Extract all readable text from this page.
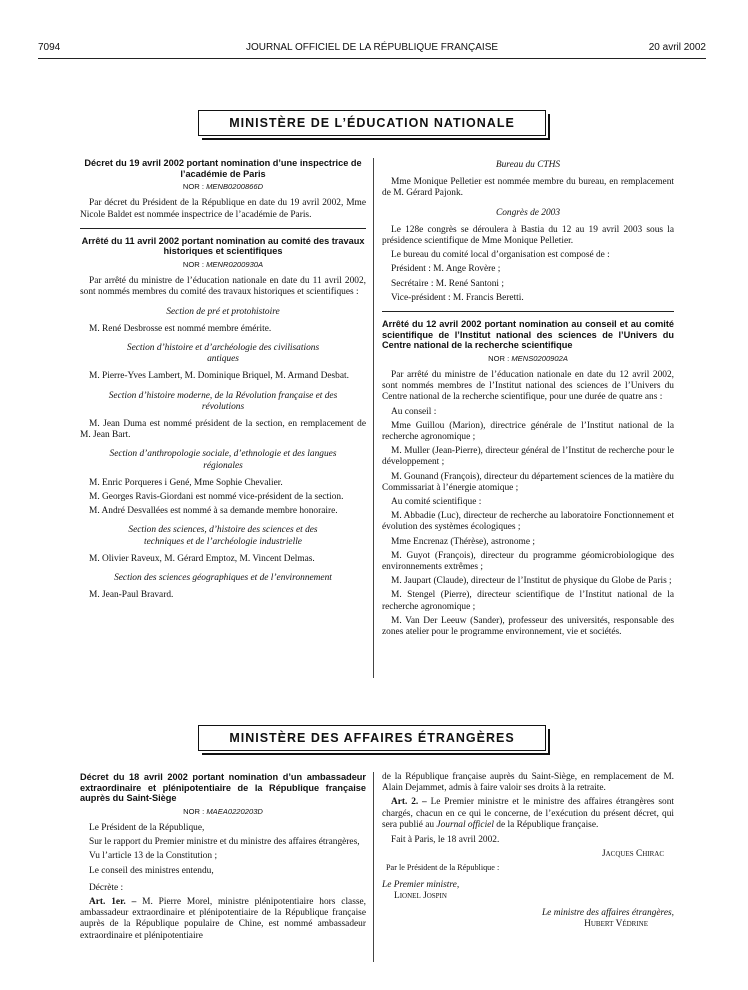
7094	JOURNAL OFFICIEL DE LA RÉPUBLIQUE FRANÇAISE	20 avril 2002
MINISTÈRE DE L’ÉDUCATION NATIONALE
Décret du 19 avril 2002 portant nomination d’une inspectrice de l’académie de Paris
NOR : MENB0200866D

Par décret du Président de la République en date du 19 avril 2002, Mme Nicole Baldet est nommée inspectrice de l’académie de Paris.

Arrêté du 11 avril 2002 portant nomination au comité des travaux historiques et scientifiques
NOR : MENR0200930A

Par arrêté du ministre de l’éducation nationale en date du 11 avril 2002, sont nommés membres du comité des travaux historiques et scientifiques :

Section de pré et protohistoire

M. René Desbrosse est nommé membre émérite.

Section d’histoire et d’archéologie des civilisations antiques

M. Pierre-Yves Lambert, M. Dominique Briquel, M. Armand Desbat.

Section d’histoire moderne, de la Révolution française et des révolutions

M. Jean Duma est nommé président de la section, en remplacement de M. Jean Bart.

Section d’anthropologie sociale, d’ethnologie et des langues régionales

M. Enric Porqueres i Gené, Mme Sophie Chevalier.

M. Georges Ravis-Giordani est nommé vice-président de la section.

M. André Desvallées est nommé à sa demande membre honoraire.

Section des sciences, d’histoire des sciences et des techniques et de l’archéologie industrielle

M. Olivier Raveux, M. Gérard Emptoz, M. Vincent Delmas.

Section des sciences géographiques et de l’environnement

M. Jean-Paul Bravard.

Bureau du CTHS

Mme Monique Pelletier est nommée membre du bureau, en remplacement de M. Gérard Pajonk.

Congrès de 2003

Le 128e congrès se déroulera à Bastia du 12 au 19 avril 2003 sous la présidence scientifique de Mme Monique Pelletier.

Le bureau du comité local d’organisation est composé de :

Président : M. Ange Rovère ;

Secrétaire : M. René Santoni ;

Vice-président : M. Francis Beretti.

Arrêté du 12 avril 2002 portant nomination au conseil et au comité scientifique de l’Institut national des sciences de l’Univers du Centre national de la recherche scientifique
NOR : MENS0200902A

Par arrêté du ministre de l’éducation nationale en date du 12 avril 2002, sont nommés membres de l’Institut national des sciences de l’Univers du Centre national de la recherche scientifique, pour une durée de quatre ans :

Au conseil :

Mme Guillou (Marion), directrice générale de l’Institut national de la recherche agronomique ;

M. Muller (Jean-Pierre), directeur général de l’Institut de recherche pour le développement ;

M. Gounand (François), directeur du département sciences de la matière du Commissariat à l’énergie atomique ;

Au comité scientifique :

M. Abbadie (Luc), directeur de recherche au laboratoire Fonctionnement et évolution des systèmes écologiques ;

Mme Encrenaz (Thérèse), astronome ;

M. Guyot (François), directeur du programme géomicrobiologique des environnements extrêmes ;

M. Jaupart (Claude), directeur de l’Institut de physique du Globe de Paris ;

M. Stengel (Pierre), directeur scientifique de l’Institut national de la recherche agronomique ;

M. Van Der Leeuw (Sander), professeur des universités, responsable des zones atelier pour le programme environnement, vie et sociétés.

MINISTÈRE DES AFFAIRES ÉTRANGÈRES
Décret du 18 avril 2002 portant nomination d’un ambassadeur extraordinaire et plénipotentiaire de la République française auprès du Saint-Siège
NOR : MAEA0220203D

Le Président de la République,

Sur le rapport du Premier ministre et du ministre des affaires étrangères,

Vu l’article 13 de la Constitution ;

Le conseil des ministres entendu,

Décrète :

Art. 1er. – M. Pierre Morel, ministre plénipotentiaire hors classe, ambassadeur extraordinaire et plénipotentiaire de la République française auprès de la République populaire de Chine, est nommé ambassadeur extraordinaire et plénipotentiaire

de la République française auprès du Saint-Siège, en remplacement de M. Alain Dejammet, admis à faire valoir ses droits à la retraite.

Art. 2. – Le Premier ministre et le ministre des affaires étrangères sont chargés, chacun en ce qui le concerne, de l’exécution du présent décret, qui sera publié au Journal officiel de la République française.

Fait à Paris, le 18 avril 2002.

Jacques Chirac
Par le Président de la République :
Le Premier ministre,
Lionel Jospin
Le ministre des affaires étrangères,
Hubert Védrine
